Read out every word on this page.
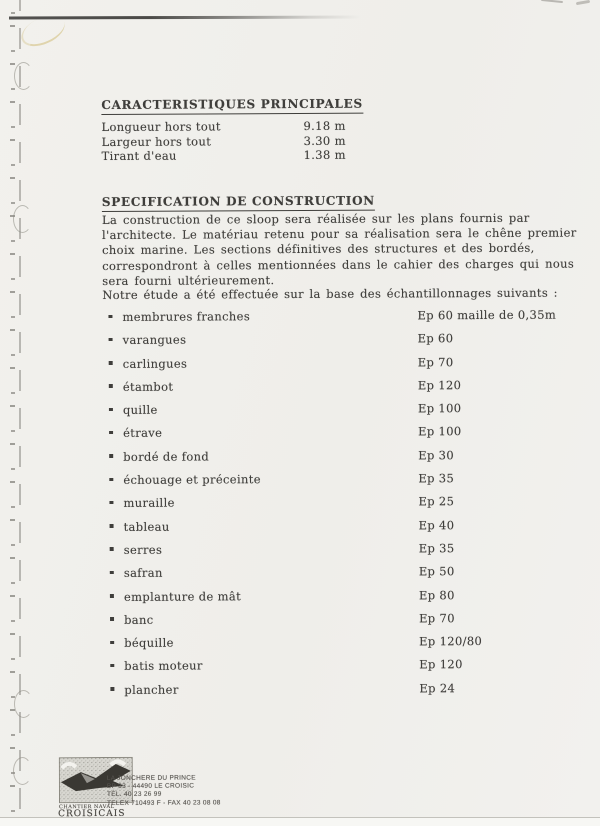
CARACTERISTIQUES PRINCIPALES
Longueur hors tout	9.18 m
Largeur hors tout	3.30 m
Tirant d'eau	1.38 m
SPECIFICATION DE CONSTRUCTION
La construction de ce sloop sera réalisée sur les plans fournis par
l'architecte. Le matériau retenu pour sa réalisation sera le chêne premier
choix marine. Les sections définitives des structures et des bordés,
correspondront à celles mentionnées dans le cahier des charges qui nous
sera fourni ultérieurement.
Notre étude a été effectuée sur la base des échantillonnages suivants :
membrures franches	Ep 60 maille de 0,35m
varangues	Ep 60
carlingues	Ep 70
étambot	Ep 120
quille	Ep 100
étrave	Ep 100
bordé de fond	Ep 30
échouage et préceinte	Ep 35
muraille	Ep 25
tableau	Ep 40
serres	Ep 35
safran	Ep 50
emplanture de mât	Ep 80
banc	Ep 70
béquille	Ep 120/80
batis moteur	Ep 120
plancher	Ep 24
CHANTIER NAVAL
CROISICAIS
LA JONCHERE DU PRINCE
BP 33 - 44490 LE CROISIC
TÉL. 40 23 26 99
TELEX 710493 F - FAX 40 23 08 08
